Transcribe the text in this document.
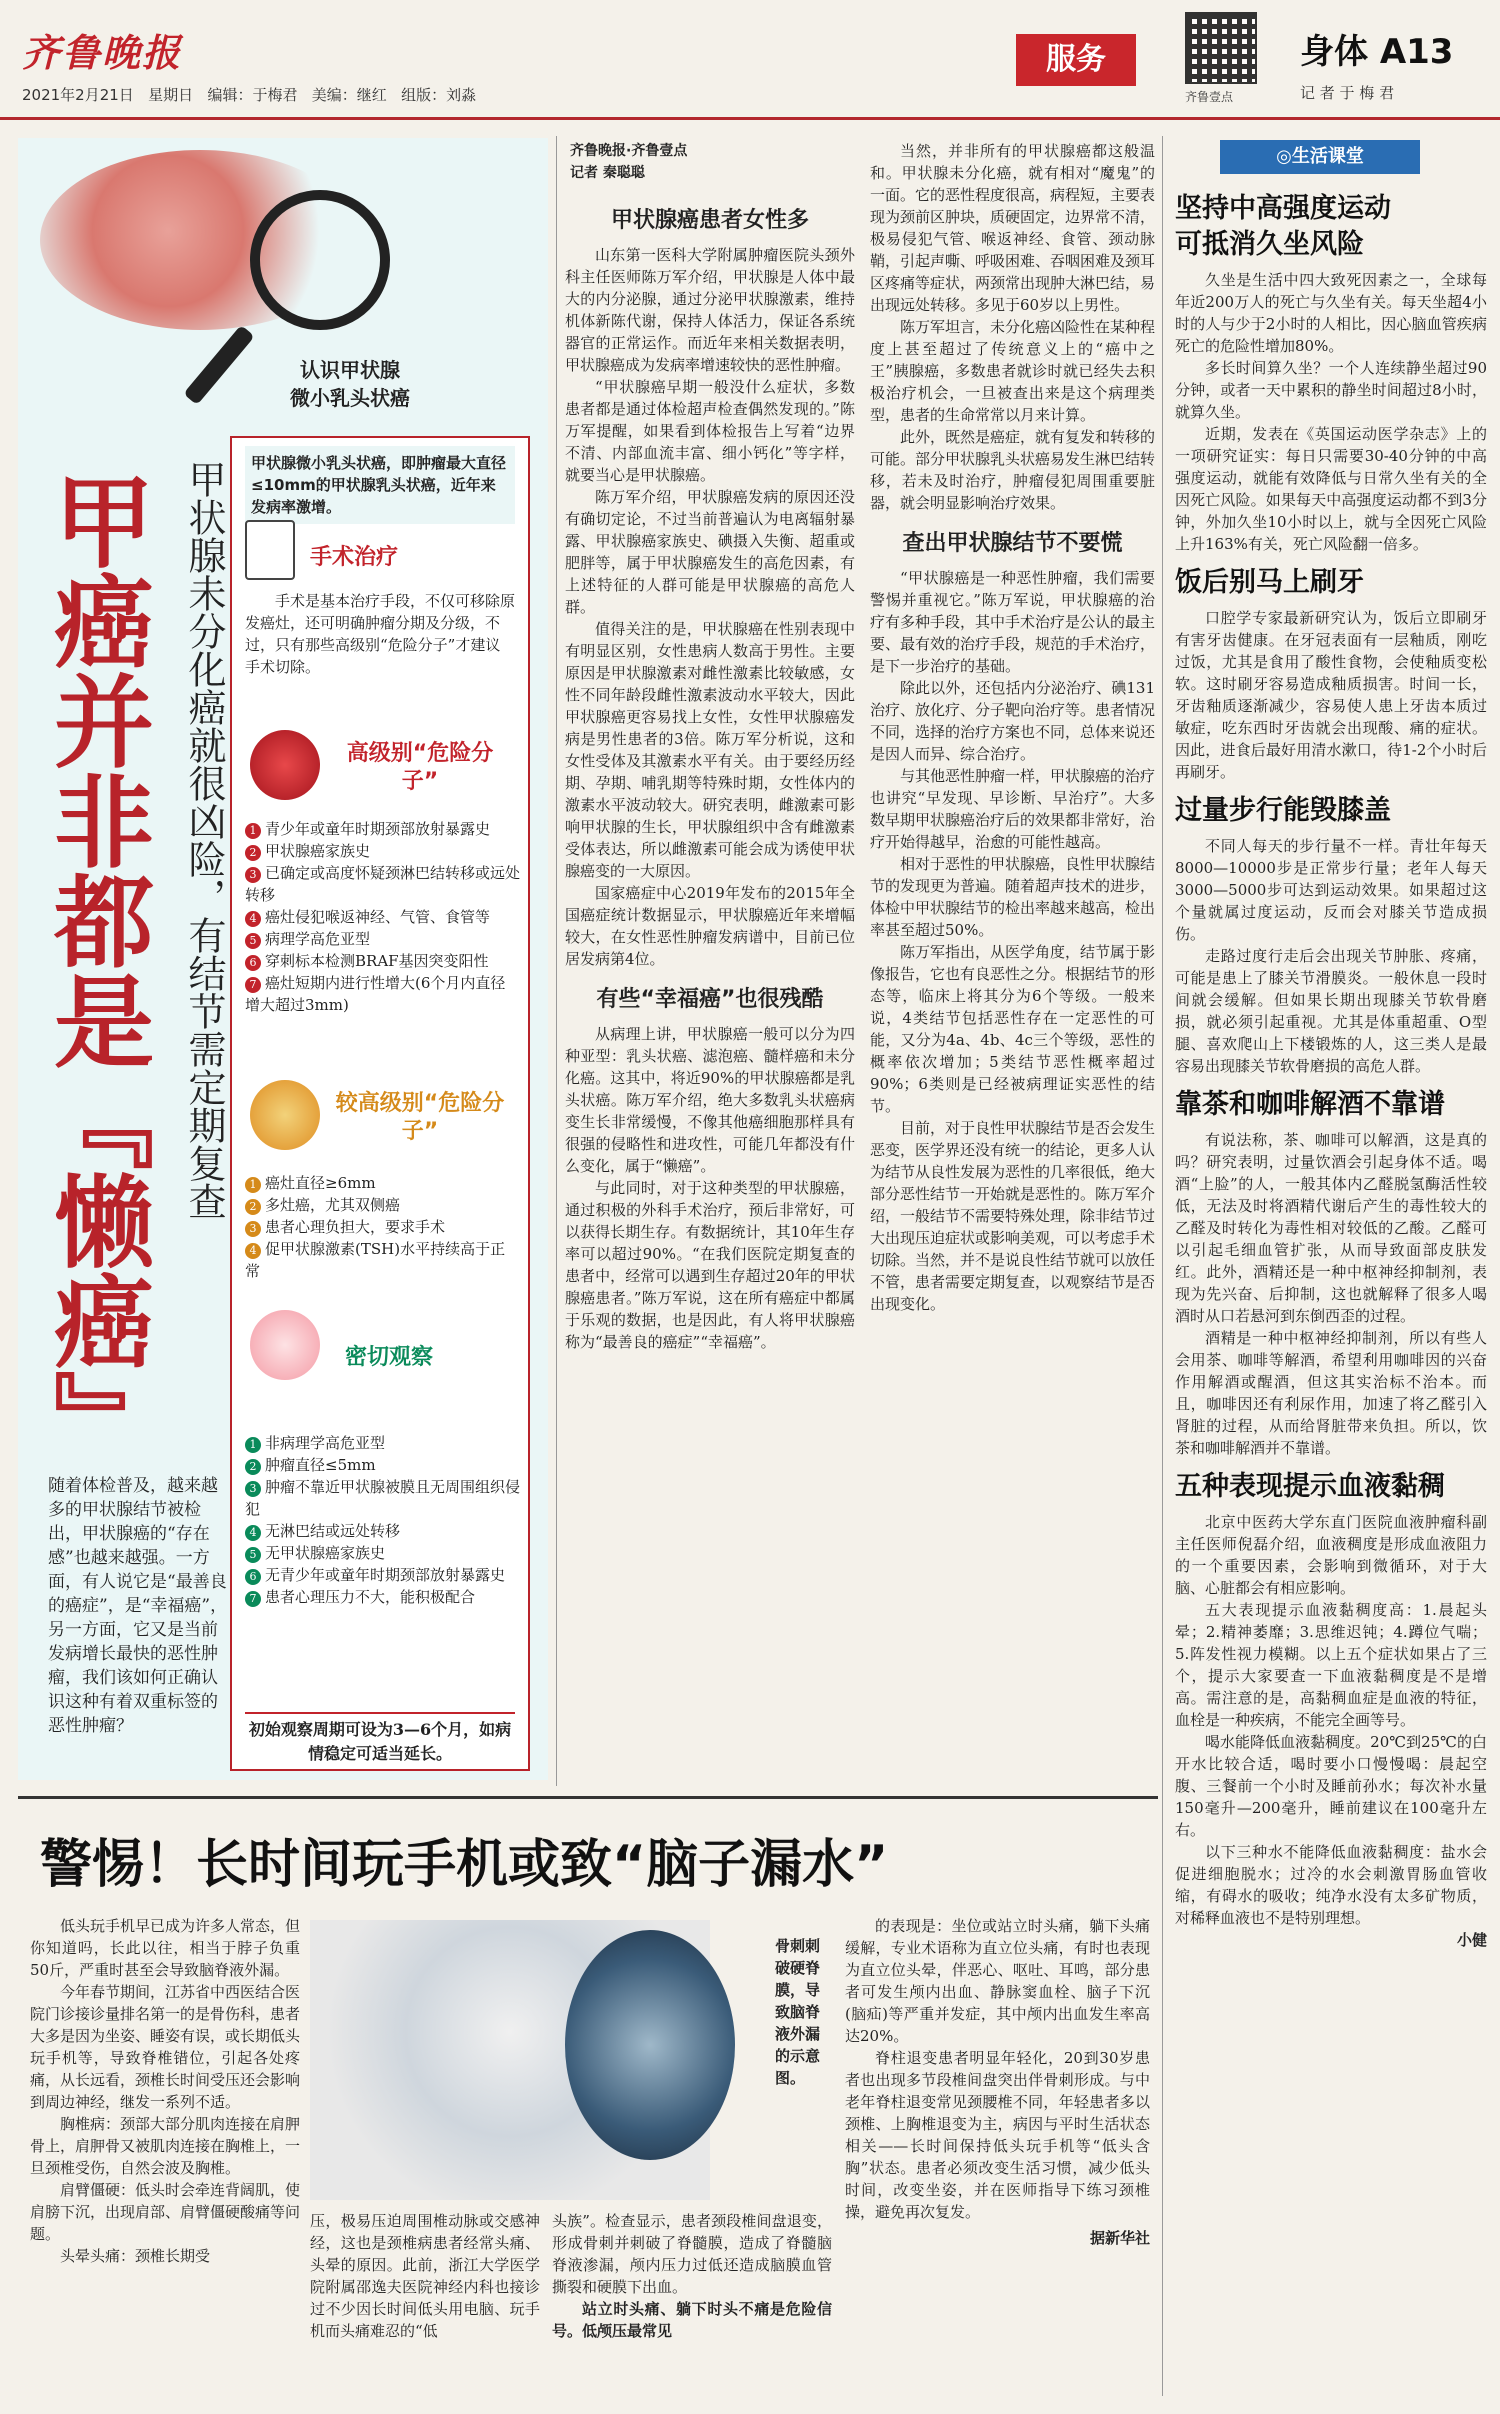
齐鲁晚报
2021年2月21日 星期日 编辑：于梅君 美编：继红 组版：刘淼
服务
齐鲁壹点
身体 A13
记 者 于 梅 君
认识甲状腺
微小乳头状癌
甲癌并非都是『懒癌』 甲状腺未分化癌就很凶险，有结节需定期复查
随着体检普及，越来越多的甲状腺结节被检出，甲状腺癌的“存在感”也越来越强。一方面，有人说它是“最善良的癌症”，是“幸福癌”，另一方面，它又是当前发病增长最快的恶性肿瘤，我们该如何正确认识这种有着双重标签的恶性肿瘤？
甲状腺微小乳头状癌，即肿瘤最大直径≤10mm的甲状腺乳头状癌，近年来发病率激增。
手术治疗
手术是基本治疗手段，不仅可移除原发癌灶，还可明确肿瘤分期及分级，不过，只有那些高级别“危险分子”才建议手术切除。
高级别“危险分子”
1青少年或童年时期颈部放射暴露史
2甲状腺癌家族史
3已确定或高度怀疑颈淋巴结转移或远处转移
4癌灶侵犯喉返神经、气管、食管等
5病理学高危亚型
6穿刺标本检测BRAF基因突变阳性
7癌灶短期内进行性增大(6个月内直径增大超过3mm)
较高级别“危险分子”
1癌灶直径≥6mm
2多灶癌，尤其双侧癌
3患者心理负担大，要求手术
4促甲状腺激素(TSH)水平持续高于正常
密切观察
1非病理学高危亚型
2肿瘤直径≤5mm
3肿瘤不靠近甲状腺被膜且无周围组织侵犯
4无淋巴结或远处转移
5无甲状腺癌家族史
6无青少年或童年时期颈部放射暴露史
7患者心理压力不大，能积极配合
初始观察周期可设为3—6个月，如病情稳定可适当延长。
齐鲁晚报·齐鲁壹点
记者 秦聪聪
甲状腺癌患者女性多

山东第一医科大学附属肿瘤医院头颈外科主任医师陈万军介绍，甲状腺是人体中最大的内分泌腺，通过分泌甲状腺激素，维持机体新陈代谢，保持人体活力，保证各系统器官的正常运作。而近年来相关数据表明，甲状腺癌成为发病率增速较快的恶性肿瘤。

“甲状腺癌早期一般没什么症状，多数患者都是通过体检超声检查偶然发现的。”陈万军提醒，如果看到体检报告上写着“边界不清、内部血流丰富、细小钙化”等字样，就要当心是甲状腺癌。

陈万军介绍，甲状腺癌发病的原因还没有确切定论，不过当前普遍认为电离辐射暴露、甲状腺癌家族史、碘摄入失衡、超重或肥胖等，属于甲状腺癌发生的高危因素，有上述特征的人群可能是甲状腺癌的高危人群。

值得关注的是，甲状腺癌在性别表现中有明显区别，女性患病人数高于男性。主要原因是甲状腺激素对雌性激素比较敏感，女性不同年龄段雌性激素波动水平较大，因此甲状腺癌更容易找上女性，女性甲状腺癌发病是男性患者的3倍。陈万军分析说，这和女性受体及其激素水平有关。由于要经历经期、孕期、哺乳期等特殊时期，女性体内的激素水平波动较大。研究表明，雌激素可影响甲状腺的生长，甲状腺组织中含有雌激素受体表达，所以雌激素可能会成为诱使甲状腺癌变的一大原因。

国家癌症中心2019年发布的2015年全国癌症统计数据显示，甲状腺癌近年来增幅较大，在女性恶性肿瘤发病谱中，目前已位居发病第4位。

有些“幸福癌”也很残酷

从病理上讲，甲状腺癌一般可以分为四种亚型：乳头状癌、滤泡癌、髓样癌和未分化癌。这其中，将近90%的甲状腺癌都是乳头状癌。陈万军介绍，绝大多数乳头状癌病变生长非常缓慢，不像其他癌细胞那样具有很强的侵略性和进攻性，可能几年都没有什么变化，属于“懒癌”。

与此同时，对于这种类型的甲状腺癌，通过积极的外科手术治疗，预后非常好，可以获得长期生存。有数据统计，其10年生存率可以超过90%。“在我们医院定期复查的患者中，经常可以遇到生存超过20年的甲状腺癌患者。”陈万军说，这在所有癌症中都属于乐观的数据，也是因此，有人将甲状腺癌称为“最善良的癌症”“幸福癌”。

当然，并非所有的甲状腺癌都这般温和。甲状腺未分化癌，就有相对“魔鬼”的一面。它的恶性程度很高，病程短，主要表现为颈前区肿块，质硬固定，边界常不清，极易侵犯气管、喉返神经、食管、颈动脉鞘，引起声嘶、呼吸困难、吞咽困难及颈耳区疼痛等症状，两颈常出现肿大淋巴结，易出现远处转移。多见于60岁以上男性。

陈万军坦言，未分化癌凶险性在某种程度上甚至超过了传统意义上的“癌中之王”胰腺癌，多数患者就诊时就已经失去积极治疗机会，一旦被查出来是这个病理类型，患者的生命常常以月来计算。

此外，既然是癌症，就有复发和转移的可能。部分甲状腺乳头状癌易发生淋巴结转移，若未及时治疗，肿瘤侵犯周围重要脏器，就会明显影响治疗效果。

查出甲状腺结节不要慌

“甲状腺癌是一种恶性肿瘤，我们需要警惕并重视它。”陈万军说，甲状腺癌的治疗有多种手段，其中手术治疗是公认的最主要、最有效的治疗手段，规范的手术治疗，是下一步治疗的基础。

除此以外，还包括内分泌治疗、碘131治疗、放化疗、分子靶向治疗等。患者情况不同，选择的治疗方案也不同，总体来说还是因人而异、综合治疗。

与其他恶性肿瘤一样，甲状腺癌的治疗也讲究“早发现、早诊断、早治疗”。大多数早期甲状腺癌治疗后的效果都非常好，治疗开始得越早，治愈的可能性越高。

相对于恶性的甲状腺癌，良性甲状腺结节的发现更为普遍。随着超声技术的进步，体检中甲状腺结节的检出率越来越高，检出率甚至超过50%。

陈万军指出，从医学角度，结节属于影像报告，它也有良恶性之分。根据结节的形态等，临床上将其分为6个等级。一般来说，4类结节包括恶性存在一定恶性的可能，又分为4a、4b、4c三个等级，恶性的概率依次增加；5类结节恶性概率超过90%；6类则是已经被病理证实恶性的结节。

目前，对于良性甲状腺结节是否会发生恶变，医学界还没有统一的结论，更多人认为结节从良性发展为恶性的几率很低，绝大部分恶性结节一开始就是恶性的。陈万军介绍，一般结节不需要特殊处理，除非结节过大出现压迫症状或影响美观，可以考虑手术切除。当然，并不是说良性结节就可以放任不管，患者需要定期复查，以观察结节是否出现变化。

◎生活课堂
坚持中高强度运动
可抵消久坐风险

久坐是生活中四大致死因素之一，全球每年近200万人的死亡与久坐有关。每天坐超4小时的人与少于2小时的人相比，因心脑血管疾病死亡的危险性增加80%。

多长时间算久坐？一个人连续静坐超过90分钟，或者一天中累积的静坐时间超过8小时，就算久坐。

近期，发表在《英国运动医学杂志》上的一项研究证实：每日只需要30-40分钟的中高强度运动，就能有效降低与日常久坐有关的全因死亡风险。如果每天中高强度运动都不到3分钟，外加久坐10小时以上，就与全因死亡风险上升163%有关，死亡风险翻一倍多。

饭后别马上刷牙

口腔学专家最新研究认为，饭后立即刷牙有害牙齿健康。在牙冠表面有一层釉质，刚吃过饭，尤其是食用了酸性食物，会使釉质变松软。这时刷牙容易造成釉质损害。时间一长，牙齿釉质逐渐减少，容易使人患上牙齿本质过敏症，吃东西时牙齿就会出现酸、痛的症状。因此，进食后最好用清水漱口，待1-2个小时后再刷牙。

过量步行能毁膝盖

不同人每天的步行量不一样。青壮年每天8000—10000步是正常步行量；老年人每天3000—5000步可达到运动效果。如果超过这个量就属过度运动，反而会对膝关节造成损伤。

走路过度行走后会出现关节肿胀、疼痛，可能是患上了膝关节滑膜炎。一般休息一段时间就会缓解。但如果长期出现膝关节软骨磨损，就必须引起重视。尤其是体重超重、O型腿、喜欢爬山上下楼锻炼的人，这三类人是最容易出现膝关节软骨磨损的高危人群。

靠茶和咖啡解酒不靠谱

有说法称，茶、咖啡可以解酒，这是真的吗？研究表明，过量饮酒会引起身体不适。喝酒“上脸”的人，一般其体内乙醛脱氢酶活性较低，无法及时将酒精代谢后产生的毒性较大的乙醛及时转化为毒性相对较低的乙酸。乙醛可以引起毛细血管扩张，从而导致面部皮肤发红。此外，酒精还是一种中枢神经抑制剂，表现为先兴奋、后抑制，这也就解释了很多人喝酒时从口若悬河到东倒西歪的过程。

酒精是一种中枢神经抑制剂，所以有些人会用茶、咖啡等解酒，希望利用咖啡因的兴奋作用解酒或醒酒，但这其实治标不治本。而且，咖啡因还有利尿作用，加速了将乙醛引入肾脏的过程，从而给肾脏带来负担。所以，饮茶和咖啡解酒并不靠谱。

五种表现提示血液黏稠

北京中医药大学东直门医院血液肿瘤科副主任医师倪磊介绍，血液稠度是形成血液阻力的一个重要因素，会影响到微循环，对于大脑、心脏都会有相应影响。

五大表现提示血液黏稠度高：1.晨起头晕；2.精神萎靡；3.思维迟钝；4.蹲位气喘；5.阵发性视力模糊。以上五个症状如果占了三个，提示大家要查一下血液黏稠度是不是增高。需注意的是，高黏稠血症是血液的特征，血栓是一种疾病，不能完全画等号。

喝水能降低血液黏稠度。20℃到25℃的白开水比较合适，喝时要小口慢慢喝：晨起空腹、三餐前一个小时及睡前孙水；每次补水量150毫升—200毫升，睡前建议在100毫升左右。

以下三种水不能降低血液黏稠度：盐水会促进细胞脱水；过冷的水会刺激胃肠血管收缩，有碍水的吸收；纯净水没有太多矿物质，对稀释血液也不是特别理想。

小健
警惕！长时间玩手机或致“脑子漏水”

低头玩手机早已成为许多人常态，但你知道吗，长此以往，相当于脖子负重50斤，严重时甚至会导致脑脊液外漏。

今年春节期间，江苏省中西医结合医院门诊接诊量排名第一的是骨伤科，患者大多是因为坐姿、睡姿有误，或长期低头玩手机等，导致脊椎错位，引起各处疼痛，从长远看，颈椎长时间受压还会影响到周边神经，继发一系列不适。

胸椎病：颈部大部分肌肉连接在肩胛骨上，肩胛骨又被肌肉连接在胸椎上，一旦颈椎受伤，自然会波及胸椎。

肩臂僵硬：低头时会牵连背阔肌，使肩膀下沉，出现肩部、肩臂僵硬酸痛等问题。

头晕头痛：颈椎长期受

骨刺刺破硬脊膜，导致脑脊液外漏的示意图。

压，极易压迫周围椎动脉或交感神经，这也是颈椎病患者经常头痛、头晕的原因。此前，浙江大学医学院附属邵逸夫医院神经内科也接诊过不少因长时间低头用电脑、玩手机而头痛难忍的“低

头族”。检查显示，患者颈段椎间盘退变，形成骨刺并刺破了脊髓膜，造成了脊髓脑脊液渗漏，颅内压力过低还造成脑膜血管撕裂和硬膜下出血。

站立时头痛、躺下时头不痛是危险信号。低颅压最常见

的表现是：坐位或站立时头痛，躺下头痛缓解，专业术语称为直立位头痛，有时也表现为直立位头晕，伴恶心、呕吐、耳鸣，部分患者可发生颅内出血、静脉窦血栓、脑子下沉(脑疝)等严重并发症，其中颅内出血发生率高达20%。

脊柱退变患者明显年轻化，20到30岁患者也出现多节段椎间盘突出伴骨刺形成。与中老年脊柱退变常见颈腰椎不同，年轻患者多以颈椎、上胸椎退变为主，病因与平时生活状态相关——长时间保持低头玩手机等“低头含胸”状态。患者必须改变生活习惯，减少低头时间，改变坐姿，并在医师指导下练习颈椎操，避免再次复发。

据新华社
